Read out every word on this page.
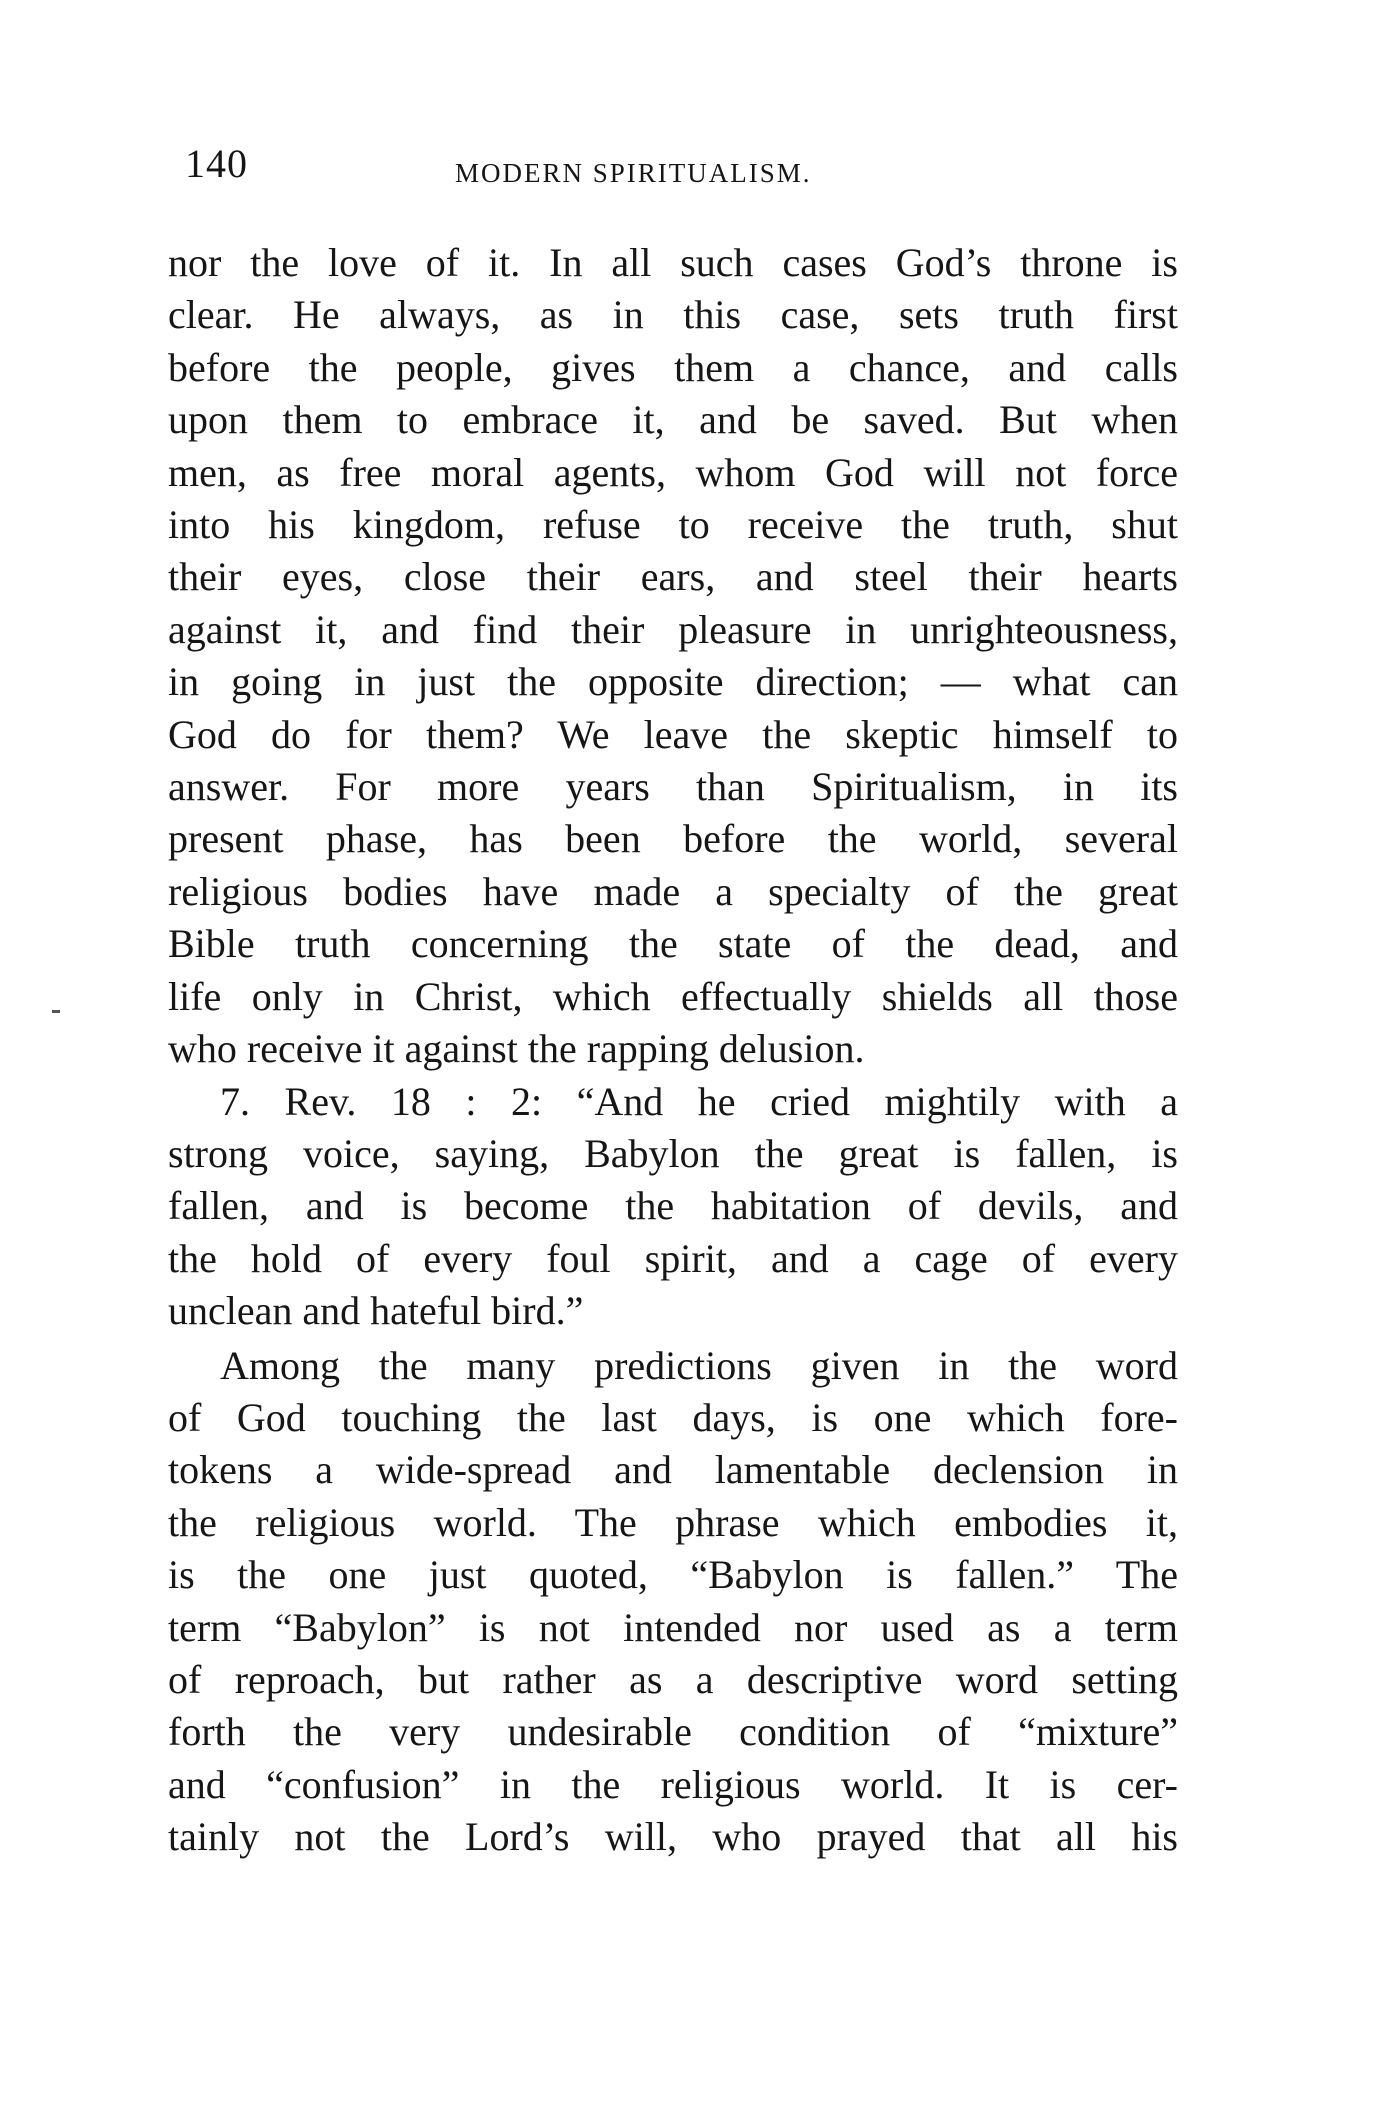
140	MODERN SPIRITUALISM.
nor the love of it. In all such cases God’s throne is
clear. He always, as in this case, sets truth first
before the people, gives them a chance, and calls
upon them to embrace it, and be saved. But when
men, as free moral agents, whom God will not force
into his kingdom, refuse to receive the truth, shut
their eyes, close their ears, and steel their hearts
against it, and find their pleasure in unrighteousness,
in going in just the opposite direction; — what can
God do for them? We leave the skeptic himself to
answer. For more years than Spiritualism, in its
present phase, has been before the world, several
religious bodies have made a specialty of the great
Bible truth concerning the state of the dead, and
life only in Christ, which effectually shields all those
who receive it against the rapping delusion.
7. Rev. 18 : 2: “And he cried mightily with a
strong voice, saying, Babylon the great is fallen, is
fallen, and is become the habitation of devils, and
the hold of every foul spirit, and a cage of every
unclean and hateful bird.”
Among the many predictions given in the word
of God touching the last days, is one which fore-
tokens a wide-spread and lamentable declension in
the religious world. The phrase which embodies it,
is the one just quoted, “Babylon is fallen.” The
term “Babylon” is not intended nor used as a term
of reproach, but rather as a descriptive word setting
forth the very undesirable condition of “mixture”
and “confusion” in the religious world. It is cer-
tainly not the Lord’s will, who prayed that all his
